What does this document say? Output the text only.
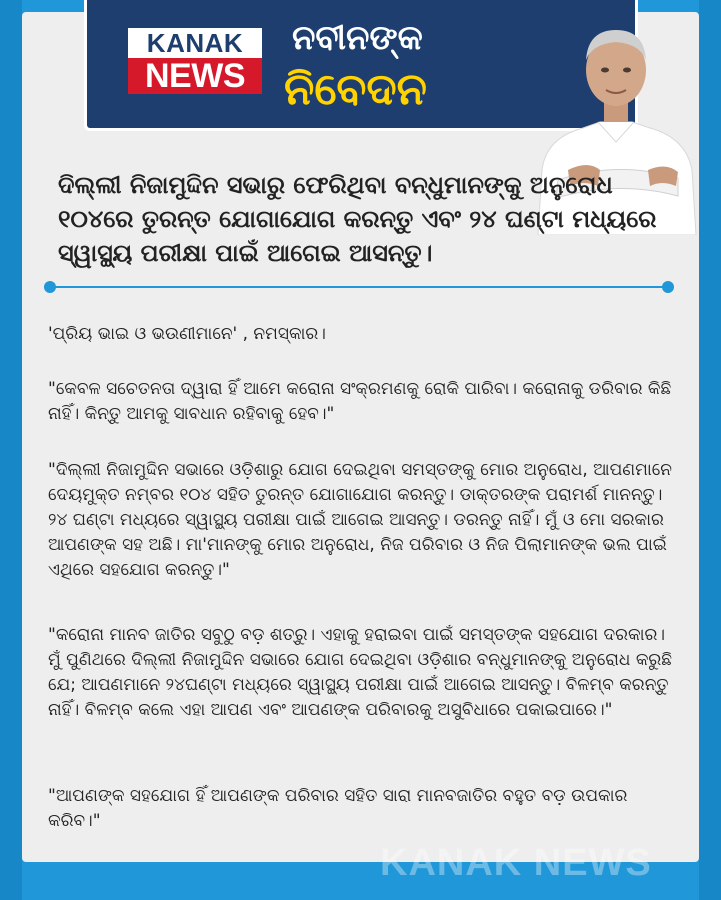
KANAK
NEWS
ନବୀନଙ୍କ
ନିବେଦନ
ଦିଲ୍ଲୀ ନିଜାମୁଦ୍ଦିନ ସଭାରୁ ଫେରିଥିବା ବନ୍ଧୁମାନଙ୍କୁ ଅନୁରୋଧ ୧୦୪ରେ ତୁରନ୍ତ ଯୋଗାଯୋଗ କରନ୍ତୁ ଏବଂ ୨୪ ଘଣ୍ଟା ମଧ୍ୟରେ ସ୍ୱାସ୍ଥ୍ୟ ପରୀକ୍ଷା ପାଇଁ ଆଗେଇ ଆସନ୍ତୁ।
'ପ୍ରିୟ ଭାଇ ଓ ଭଉଣୀମାନେ' , ନମସ୍କାର।
"କେବଳ ସଚେତନତା ଦ୍ୱାରା ହିଁ ଆମେ କରୋନା ସଂକ୍ରମଣକୁ ରୋକି ପାରିବା। କରୋନାକୁ ଡରିବାର କିଛି ନାହିଁ। କିନ୍ତୁ ଆମକୁ ସାବଧାନ ରହିବାକୁ ହେବ।"
"ଦିଲ୍ଲୀ ନିଜାମୁଦ୍ଦିନ ସଭାରେ ଓଡ଼ିଶାରୁ ଯୋଗ ଦେଇଥିବା ସମସ୍ତଙ୍କୁ ମୋର ଅନୁରୋଧ, ଆପଣମାନେ ଦେୟମୁକ୍ତ ନମ୍ବର ୧୦୪ ସହିତ ତୁରନ୍ତ ଯୋଗାଯୋଗ କରନ୍ତୁ। ଡାକ୍ତରଙ୍କ ପରାମର୍ଶ ମାନନ୍ତୁ। ୨୪ ଘଣ୍ଟା ମଧ୍ୟରେ ସ୍ୱାସ୍ଥ୍ୟ ପରୀକ୍ଷା ପାଇଁ ଆଗେଇ ଆସନ୍ତୁ। ଡରନ୍ତୁ ନାହିଁ। ମୁଁ ଓ ମୋ ସରକାର ଆପଣଙ୍କ ସହ ଅଛି। ମା'ମାନଙ୍କୁ ମୋର ଅନୁରୋଧ, ନିଜ ପରିବାର ଓ ନିଜ ପିଲାମାନଙ୍କ ଭଲ ପାଇଁ ଏଥିରେ ସହଯୋଗ କରନ୍ତୁ।"
"କରୋନା ମାନବ ଜାତିର ସବୁଠୁ ବଡ଼ ଶତ୍ରୁ। ଏହାକୁ ହରାଇବା ପାଇଁ ସମସ୍ତଙ୍କ ସହଯୋଗ ଦରକାର। ମୁଁ ପୁଣିଥରେ ଦିଲ୍ଲୀ ନିଜାମୁଦ୍ଦିନ ସଭାରେ ଯୋଗ ଦେଇଥିବା ଓଡ଼ିଶାର ବନ୍ଧୁମାନଙ୍କୁ ଅନୁରୋଧ କରୁଛି ଯେ; ଆପଣମାନେ ୨୪ଘଣ୍ଟା ମଧ୍ୟରେ ସ୍ୱାସ୍ଥ୍ୟ ପରୀକ୍ଷା ପାଇଁ ଆଗେଇ ଆସନ୍ତୁ। ବିଳମ୍ବ କରନ୍ତୁ ନାହିଁ। ବିଳମ୍ବ କଲେ ଏହା ଆପଣ ଏବଂ ଆପଣଙ୍କ ପରିବାରକୁ ଅସୁବିଧାରେ ପକାଇପାରେ।"
"ଆପଣଙ୍କ ସହଯୋଗ ହିଁ ଆପଣଙ୍କ ପରିବାର ସହିତ ସାରା ମାନବଜାତିର ବହୁତ ବଡ଼ ଉପକାର କରିବ।"
KANAK NEWS
